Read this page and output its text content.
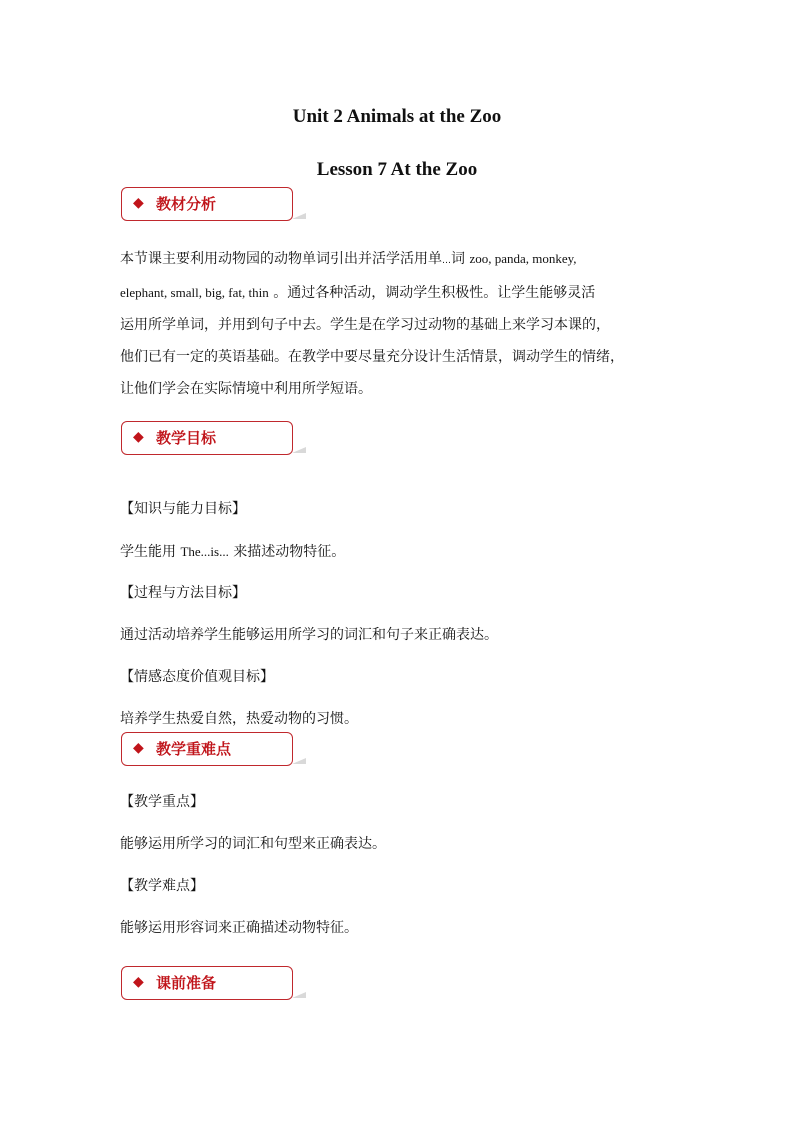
Unit 2 Animals at the Zoo
Lesson 7 At the Zoo
◆ 教材分析

本节课主要利用动物园的动物单词引出并活学活用单…词 zoo, panda, monkey,
elephant, small, big, fat, thin 。通过各种活动，调动学生积极性。让学生能够灵活
运用所学单词，并用到句子中去。学生是在学习过动物的基础上来学习本课的，
他们已有一定的英语基础。在教学中要尽量充分设计生活情景，调动学生的情绪，
让他们学会在实际情境中利用所学短语。

◆ 教学目标

【知识与能力目标】

学生能用 The...is... 来描述动物特征。

【过程与方法目标】

通过活动培养学生能够运用所学习的词汇和句子来正确表达。

【情感态度价值观目标】

培养学生热爱自然，热爱动物的习惯。

◆ 教学重难点

【教学重点】

能够运用所学习的词汇和句型来正确表达。

【教学难点】

能够运用形容词来正确描述动物特征。

◆ 课前准备
